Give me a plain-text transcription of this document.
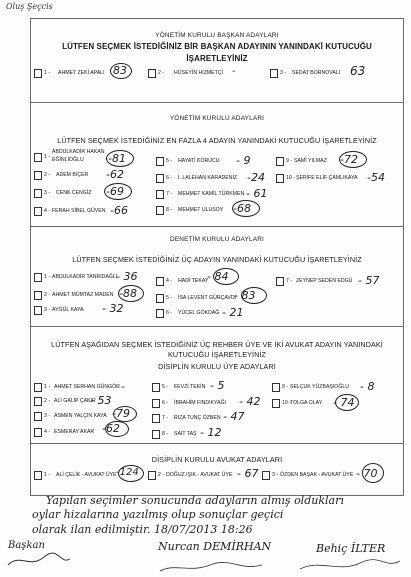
Oluş Şeçcis
YÖNETİM KURULU BAŞKAN ADAYLARI
LÜTFEN SEÇMEK İSTEDİĞİNİZ BİR BAŞKAN ADAYININ YANINDAKİ KUTUCUĞU
İŞARETLEYİNİZ
YÖNETİM KURULU ADAYLARI
LÜTFEN SEÇMEK İSTEDİĞİNİZ EN FAZLA 4 ADAYIN YANINDAKİ KUTUCUĞU İŞARETLEYİNİZ
DENETİM KURULU ADAYLARI
LÜTFEN SEÇMEK İSTEDİĞİNİZ ÜÇ ADAYIN YANINDAKİ KUTUCUĞU İŞARETLEYİNİZ
LÜTFEN AŞAĞIDAN SEÇMEK İSTEDİĞİNİZ ÜÇ REHBER ÜYE VE İKİ AVUKAT ADAYIN YANINDAKİ
KUTUCUĞU İŞARETLEYİNİZ
DİSİPLİN KURULU ÜYE ADAYLARI
DİSİPLİN KURULU AVUKAT ADAYLARI
1 - AHMET ZEKİ APALI 83	2 - HÜSEYİN HİZMETÇİ -	3 - SEDAT BORNOVALI 63
1 -
ABDULKADİR HAKAN
EĞİNLİOĞLU -81
2 - ADEM BİÇER -62
3 - CENK CENGİZ -69
4 - FERAH SİBEL GÜVEN -66
5 - HAYATİ KORUCU - 9
6 - İ. LALEHAN KARADENİZ -24
7 - MEHMET KAMİL TÜRKMEN - 61
8 - MEHMET ULUSOY -68
9 - SAMİ YILMAZ -72
10 - ŞERİFE ELİF ÇAMLIKAYA -54
1 - ABDULKADİR TANRIDAĞLI
- 36
2 - AHMET MÜMTAZ MADEN -88
3 - AYGÜL KAYA - 32
4 - HADİ TEKAY
- 84
5 - İSA LEVENT GÜRÇAVDI
- 83
6 - YÜCEL GÖKDAĞ - 21
7 - ZEYNEP SEDEN EDGÜ - 57
1 - AHMET SERHAN GÜNGÖR -
2 - ALİ GALİP ÇAKIR
- 53
3 - ASMEN YALÇIN KAYA -79
4 - ESMERAY AKAR -62
5 - FEVZİ TEKİN - 5
6 - İBRAHİM FINDIKYAĞI - 42
7 - RIZA TUNÇ ÖZBEN - 47
8 - SAİT TAŞ - 12
9 - SELÇUK YÜZBAŞIOĞLU - 8
10 - TOLGA OLAY - 74
1 - ALİ ÇELİK - AVUKAT ÜYE -124	2 - DOĞUZ IŞIK - AVUKAT ÜYE - 67	3 - ÖZDEN BAŞAK - AVUKAT ÜYE - 70
Yapılan seçimler sonucunda adayların almış oldukları
oylar hizalarına yazılmış olup sonuçlar geçici
olarak ilan edilmiştir. 18/07/2013 18:26
Başkan	Nurcan DEMİRHAN	Behiç İLTER
